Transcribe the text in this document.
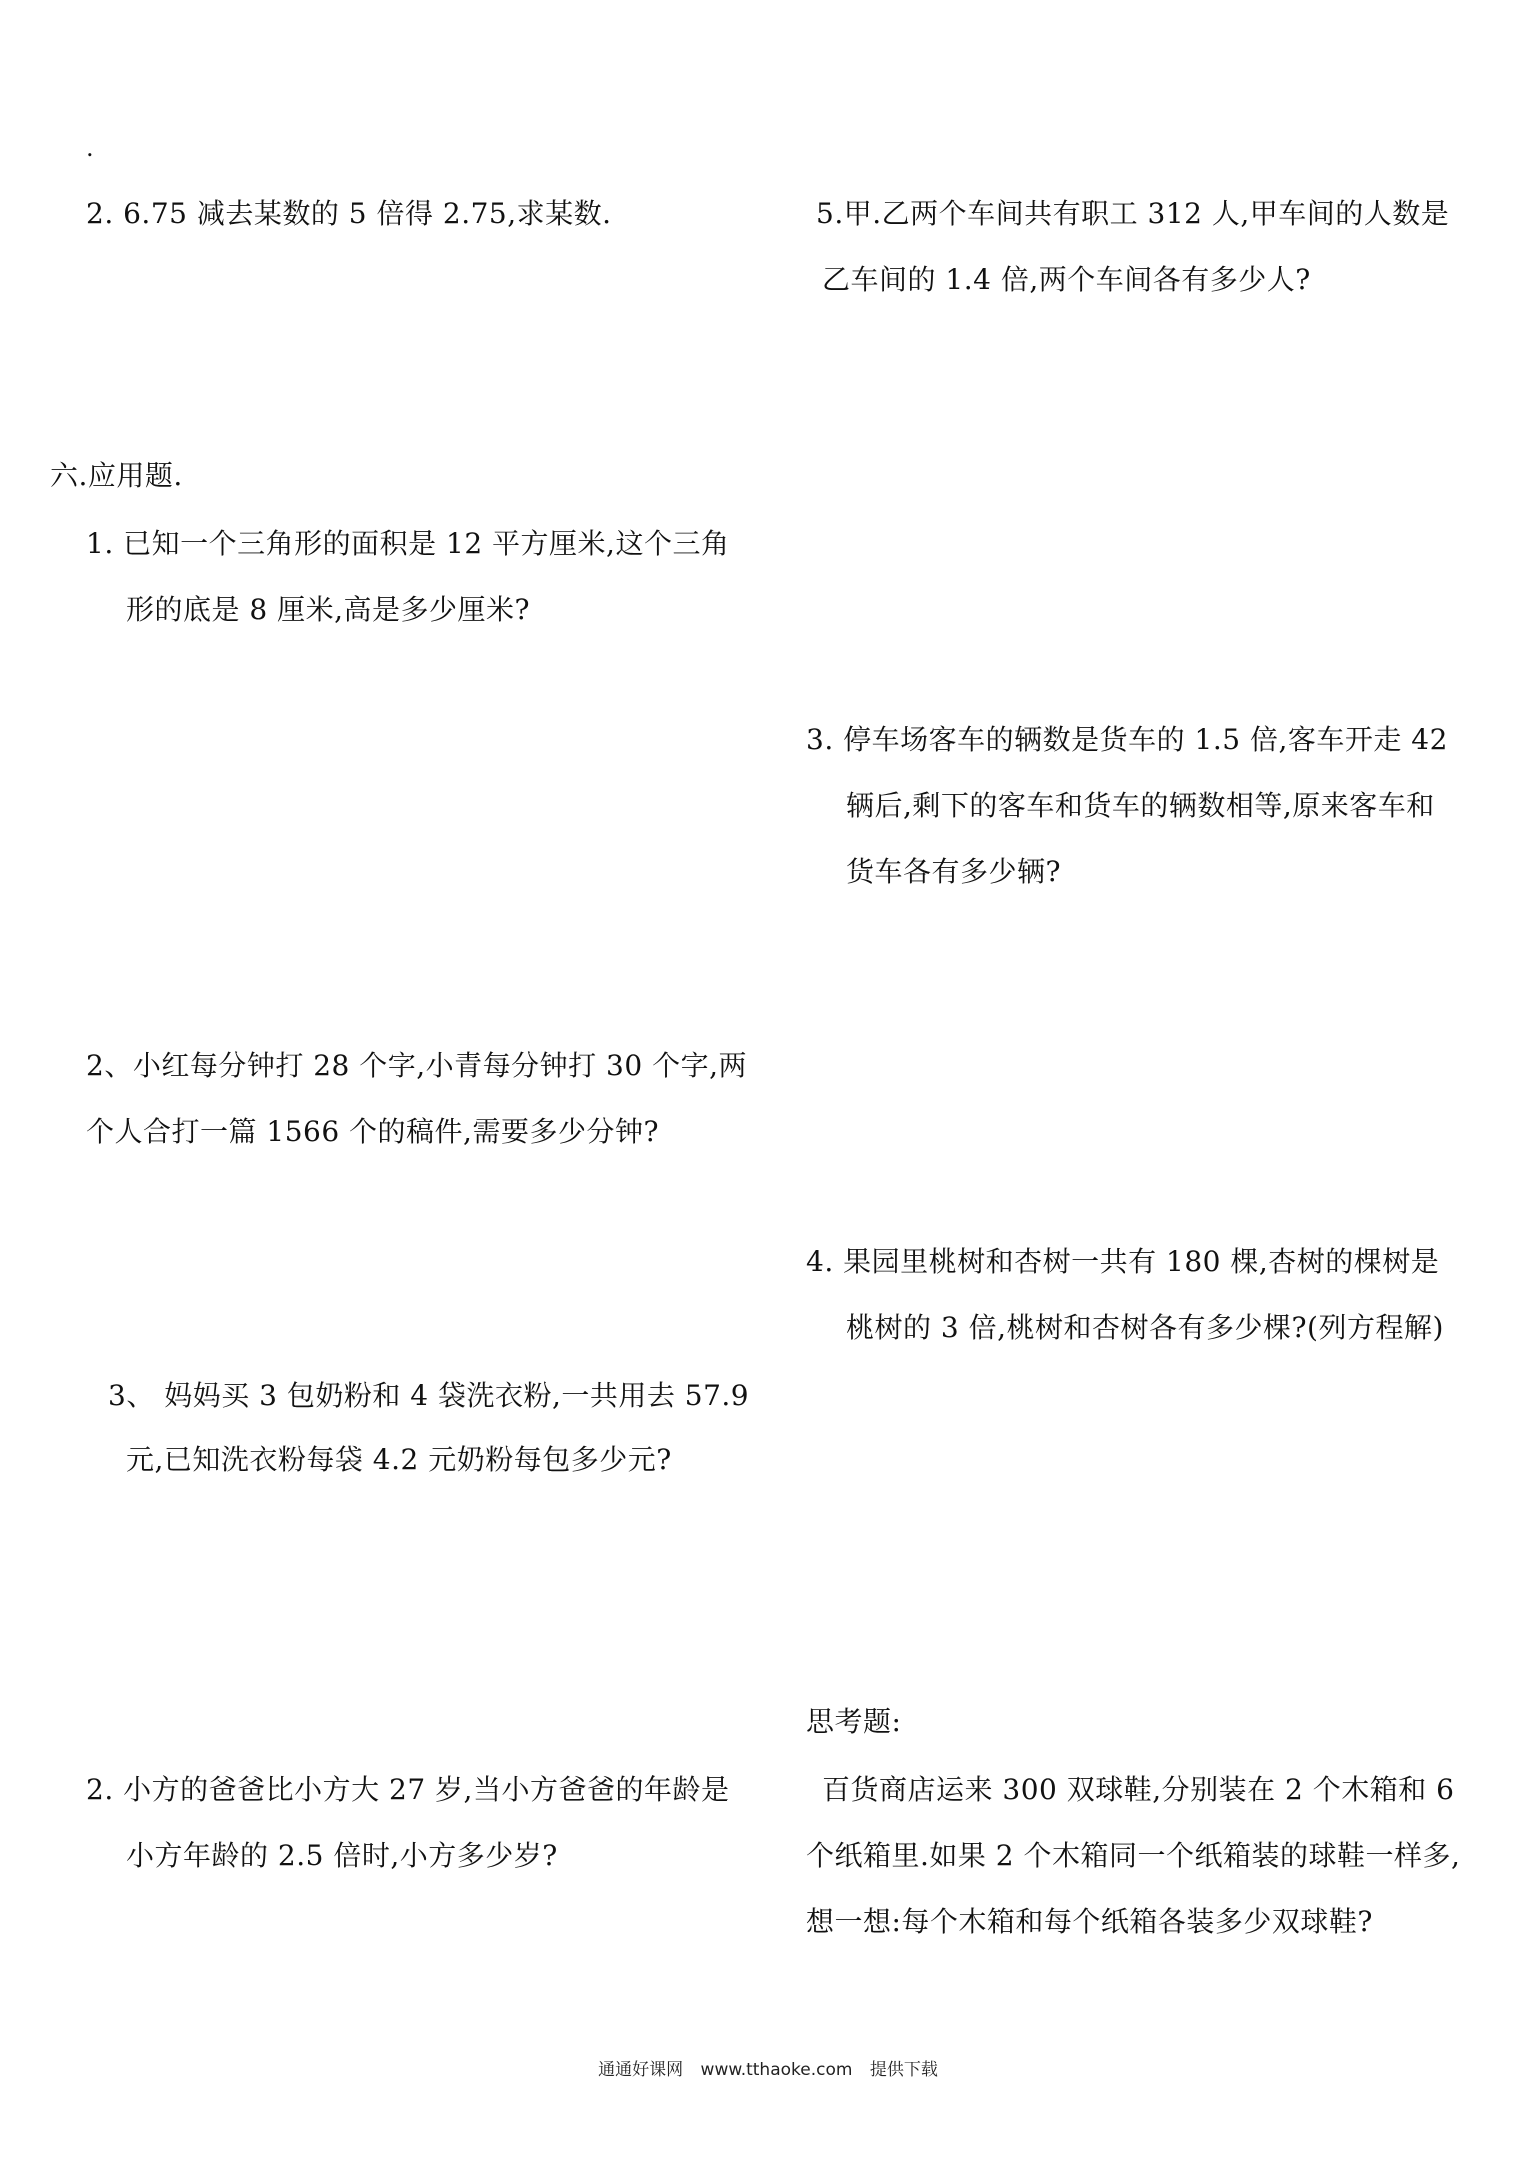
.

2. 6.75 减去某数的 5 倍得 2.75,求某数.

六.应用题.

1. 已知一个三角形的面积是 12 平方厘米,这个三角

形的底是 8 厘米,高是多少厘米?

2、小红每分钟打 28 个字,小青每分钟打 30 个字,两

个人合打一篇 1566 个的稿件,需要多少分钟?

3、 妈妈买 3 包奶粉和 4 袋洗衣粉,一共用去 57.9

元,已知洗衣粉每袋 4.2 元奶粉每包多少元?

2. 小方的爸爸比小方大 27 岁,当小方爸爸的年龄是

小方年龄的 2.5 倍时,小方多少岁?

5.甲.乙两个车间共有职工 312 人,甲车间的人数是

乙车间的 1.4 倍,两个车间各有多少人?

3. 停车场客车的辆数是货车的 1.5 倍,客车开走 42

辆后,剩下的客车和货车的辆数相等,原来客车和

货车各有多少辆?

4. 果园里桃树和杏树一共有 180 棵,杏树的棵树是

桃树的 3 倍,桃树和杏树各有多少棵?(列方程解)

思考题:

百货商店运来 300 双球鞋,分别装在 2 个木箱和 6

个纸箱里.如果 2 个木箱同一个纸箱装的球鞋一样多,

想一想:每个木箱和每个纸箱各装多少双球鞋?

通通好课网 www.tthaoke.com 提供下载
